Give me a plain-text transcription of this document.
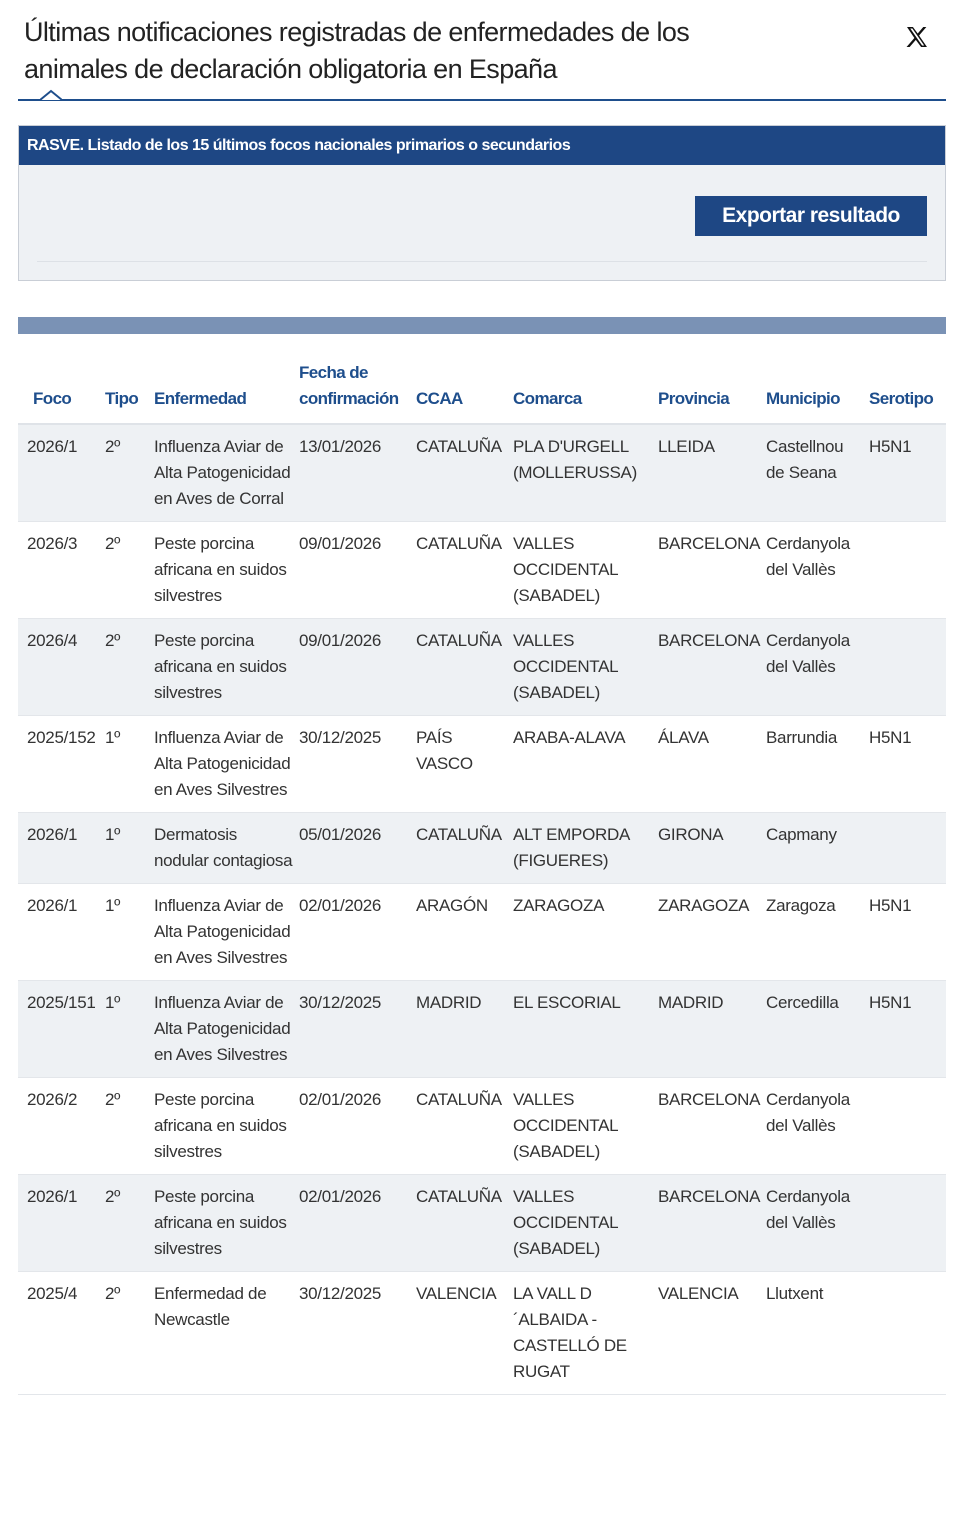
Últimas notificaciones registradas de enfermedades de los
animales de declaración obligatoria en España
RASVE. Listado de los 15 últimos focos nacionales primarios o secundarios
Exportar resultado
Foco	Tipo	Enfermedad	Fecha de confirmación	CCAA	Comarca	Provincia	Municipio	Serotipo
2026/1	2º	Influenza Aviar de Alta Patogenicidad en Aves de Corral	13/01/2026	CATALUÑA	PLA D'URGELL (MOLLERUSSA)	LLEIDA	Castellnou de Seana	H5N1
2026/3	2º	Peste porcina africana en suidos silvestres	09/01/2026	CATALUÑA	VALLES OCCIDENTAL (SABADEL)	BARCELONA	Cerdanyola del Vallès	
2026/4	2º	Peste porcina africana en suidos silvestres	09/01/2026	CATALUÑA	VALLES OCCIDENTAL (SABADEL)	BARCELONA	Cerdanyola del Vallès	
2025/152	1º	Influenza Aviar de Alta Patogenicidad en Aves Silvestres	30/12/2025	PAÍS VASCO	ARABA-ALAVA	ÁLAVA	Barrundia	H5N1
2026/1	1º	Dermatosis nodular contagiosa	05/01/2026	CATALUÑA	ALT EMPORDA (FIGUERES)	GIRONA	Capmany	
2026/1	1º	Influenza Aviar de Alta Patogenicidad en Aves Silvestres	02/01/2026	ARAGÓN	ZARAGOZA	ZARAGOZA	Zaragoza	H5N1
2025/151	1º	Influenza Aviar de Alta Patogenicidad en Aves Silvestres	30/12/2025	MADRID	EL ESCORIAL	MADRID	Cercedilla	H5N1
2026/2	2º	Peste porcina africana en suidos silvestres	02/01/2026	CATALUÑA	VALLES OCCIDENTAL (SABADEL)	BARCELONA	Cerdanyola del Vallès	
2026/1	2º	Peste porcina africana en suidos silvestres	02/01/2026	CATALUÑA	VALLES OCCIDENTAL (SABADEL)	BARCELONA	Cerdanyola del Vallès	
2025/4	2º	Enfermedad de Newcastle	30/12/2025	VALENCIA	LA VALL D ´ALBAIDA - CASTELLÓ DE RUGAT	VALENCIA	Llutxent	
